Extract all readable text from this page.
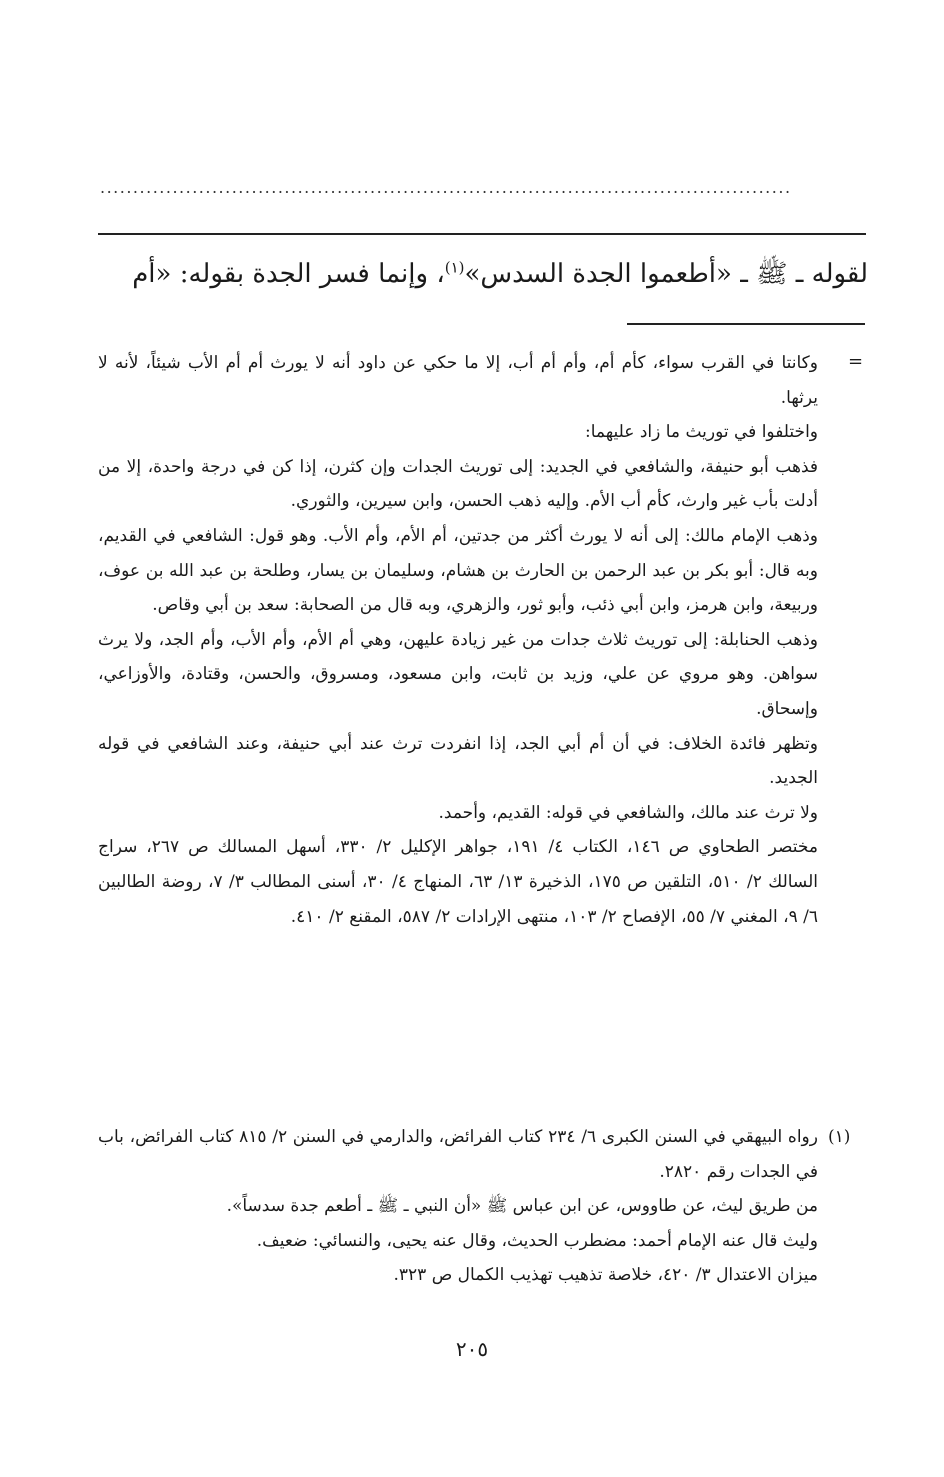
.........................................................................................................
لقوله ـ ﷺ ـ «أطعموا الجدة السدس»$^{(١)}$، وإنما فسر الجدة بقوله: «أم
=

وكانتا في القرب سواء، كأم أم، وأم أم أب، إلا ما حكي عن داود أنه لا يورث أم أم الأب شيئاً، لأنه لا يرثها.

واختلفوا في توريث ما زاد عليهما:

فذهب أبو حنيفة، والشافعي في الجديد: إلى توريث الجدات وإن كثرن، إذا كن في درجة واحدة، إلا من أدلت بأب غير وارث، كأم أب الأم. وإليه ذهب الحسن، وابن سيرين، والثوري.

وذهب الإمام مالك: إلى أنه لا يورث أكثر من جدتين، أم الأم، وأم الأب. وهو قول: الشافعي في القديم، وبه قال: أبو بكر بن عبد الرحمن بن الحارث بن هشام، وسليمان بن يسار، وطلحة بن عبد الله بن عوف، وربيعة، وابن هرمز، وابن أبي ذئب، وأبو ثور، والزهري، وبه قال من الصحابة: سعد بن أبي وقاص.

وذهب الحنابلة: إلى توريث ثلاث جدات من غير زيادة عليهن، وهي أم الأم، وأم الأب، وأم الجد، ولا يرث سواهن. وهو مروي عن علي، وزيد بن ثابت، وابن مسعود، ومسروق، والحسن، وقتادة، والأوزاعي، وإسحاق.

وتظهر فائدة الخلاف: في أن أم أبي الجد، إذا انفردت ترث عند أبي حنيفة، وعند الشافعي في قوله الجديد.

ولا ترث عند مالك، والشافعي في قوله: القديم، وأحمد.

مختصر الطحاوي ص ١٤٦، الكتاب ٤/ ١٩١، جواهر الإكليل ٢/ ٣٣٠، أسهل المسالك ص ٢٦٧، سراج السالك ٢/ ٥١٠، التلقين ص ١٧٥، الذخيرة ١٣/ ٦٣، المنهاج ٤/ ٣٠، أسنى المطالب ٣/ ٧، روضة الطالبين ٦/ ٩، المغني ٧/ ٥٥، الإفصاح ٢/ ١٠٣، منتهى الإرادات ٢/ ٥٨٧، المقنع ٢/ ٤١٠.

(١)

رواه البيهقي في السنن الكبرى ٦/ ٢٣٤ كتاب الفرائض، والدارمي في السنن ٢/ ٨١٥ كتاب الفرائض، باب في الجدات رقم ٢٨٢٠.

من طريق ليث، عن طاووس، عن ابن عباس ﷺ «أن النبي ـ ﷺ ـ أطعم جدة سدساً».

وليث قال عنه الإمام أحمد: مضطرب الحديث، وقال عنه يحيى، والنسائي: ضعيف.

ميزان الاعتدال ٣/ ٤٢٠، خلاصة تذهيب تهذيب الكمال ص ٣٢٣.

٢٠٥
